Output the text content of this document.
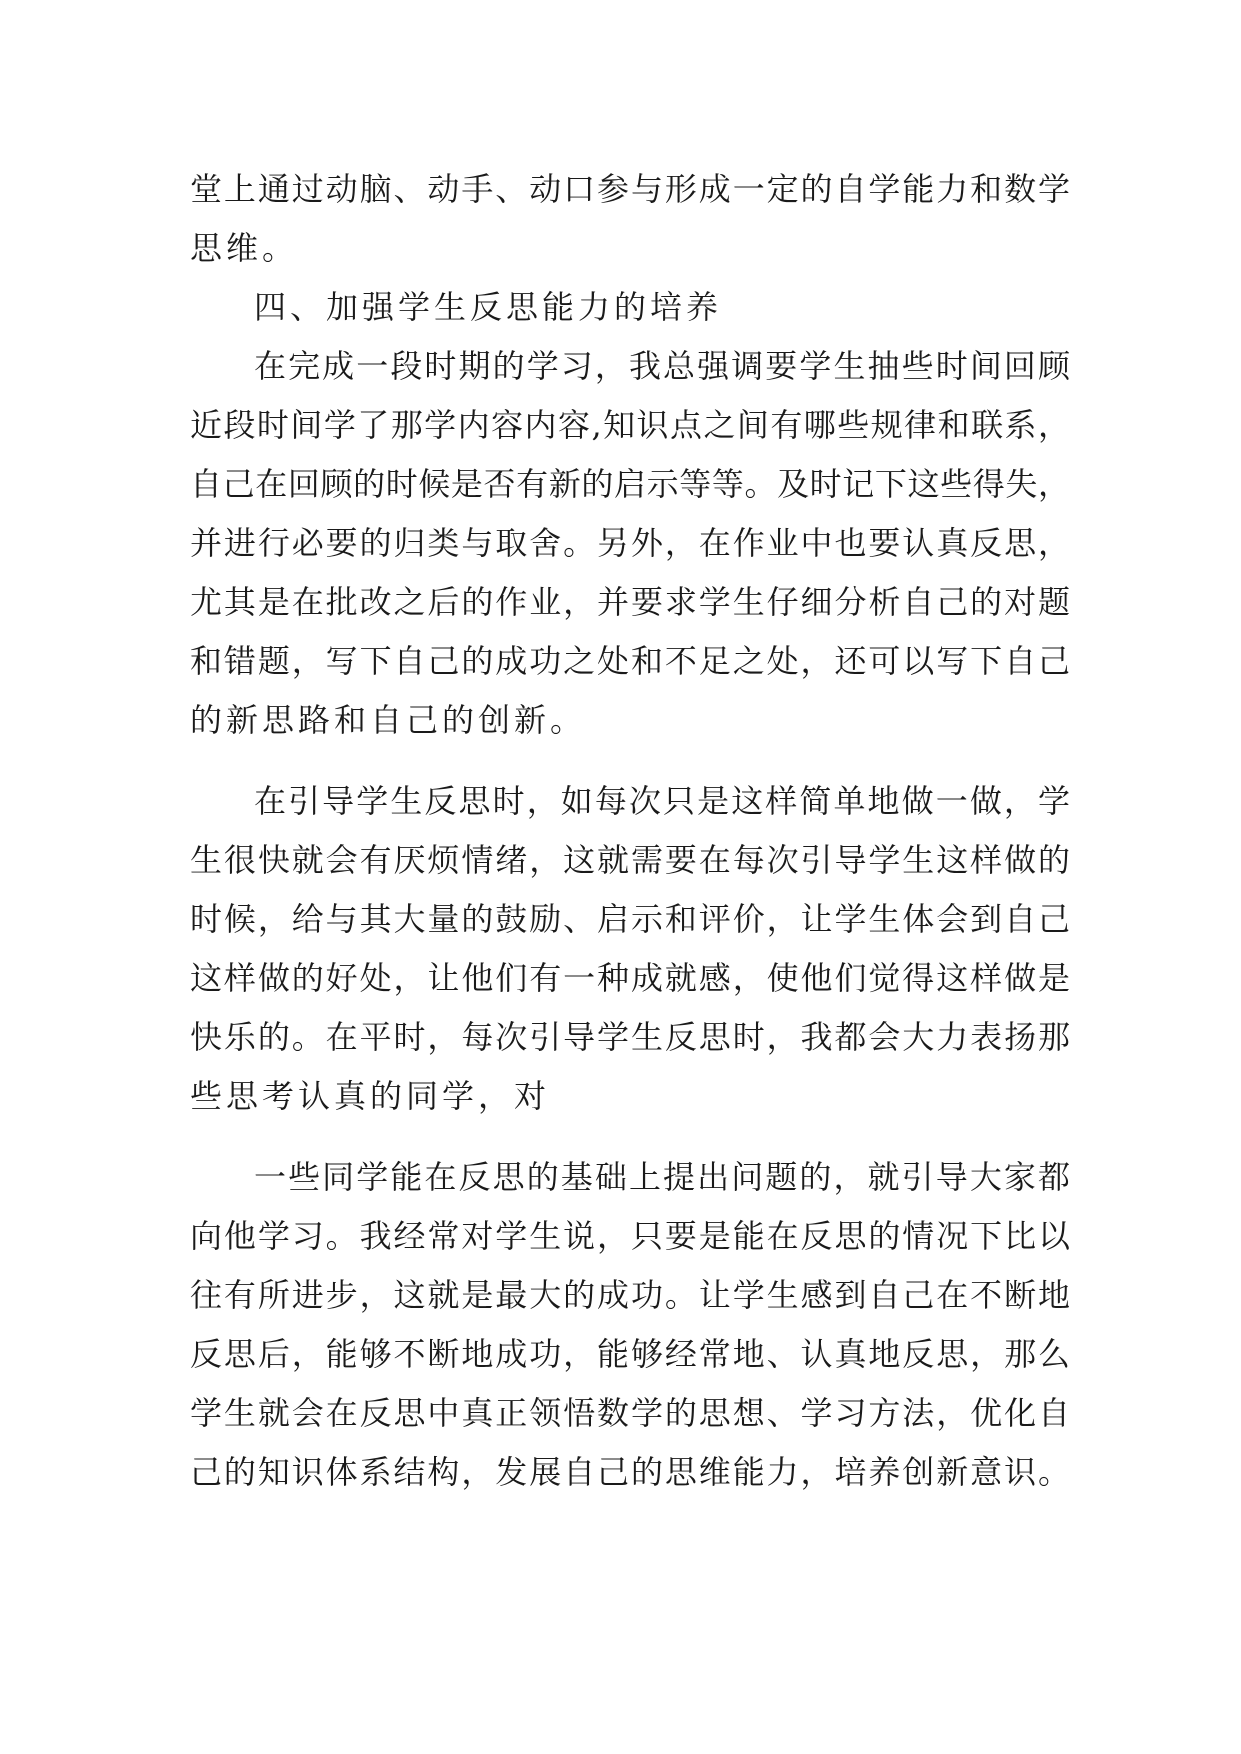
堂上通过动脑、动手、动口参与形成一定的自学能力和数学
思维。
四、加强学生反思能力的培养
在完成一段时期的学习，我总强调要学生抽些时间回顾
近段时间学了那学内容内容,知识点之间有哪些规律和联系，
自己在回顾的时候是否有新的启示等等。及时记下这些得失，
并进行必要的归类与取舍。另外，在作业中也要认真反思，
尤其是在批改之后的作业，并要求学生仔细分析自己的对题
和错题，写下自己的成功之处和不足之处，还可以写下自己
的新思路和自己的创新。
在引导学生反思时，如每次只是这样简单地做一做，学
生很快就会有厌烦情绪，这就需要在每次引导学生这样做的
时候，给与其大量的鼓励、启示和评价，让学生体会到自己
这样做的好处，让他们有一种成就感，使他们觉得这样做是
快乐的。在平时，每次引导学生反思时，我都会大力表扬那
些思考认真的同学，对
一些同学能在反思的基础上提出问题的，就引导大家都
向他学习。我经常对学生说，只要是能在反思的情况下比以
往有所进步，这就是最大的成功。让学生感到自己在不断地
反思后，能够不断地成功，能够经常地、认真地反思，那么
学生就会在反思中真正领悟数学的思想、学习方法，优化自
己的知识体系结构，发展自己的思维能力，培养创新意识。
